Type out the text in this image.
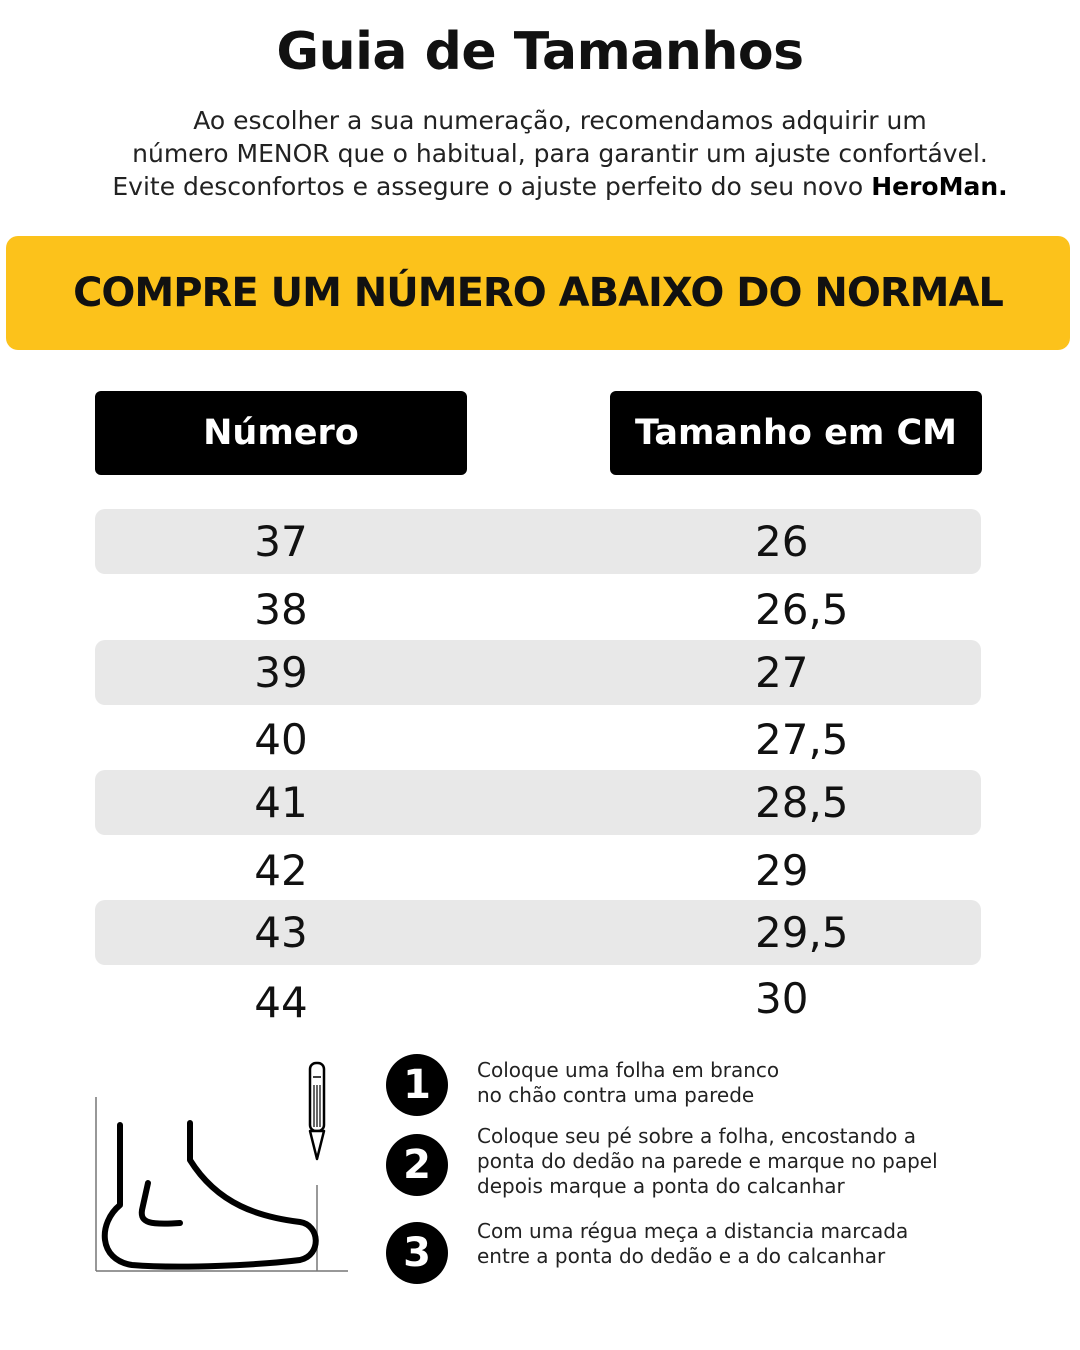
Guia de Tamanhos
Ao escolher a sua numeração, recomendamos adquirir um
número MENOR que o habitual, para garantir um ajuste confortável.
Evite desconfortos e assegure o ajuste perfeito do seu novo HeroMan.
COMPRE UM NÚMERO ABAIXO DO NORMAL
Número	Tamanho em CM
37	26
38	26,5
39	27
40	27,5
41	28,5
42	29
43	29,5
44	30
1	Coloque uma folha em branco
no chão contra uma parede
2
Coloque seu pé sobre a folha, encostando a
ponta do dedão na parede e marque no papel
depois marque a ponta do calcanhar
3	Com uma régua meça a distancia marcada
entre a ponta do dedão e a do calcanhar
